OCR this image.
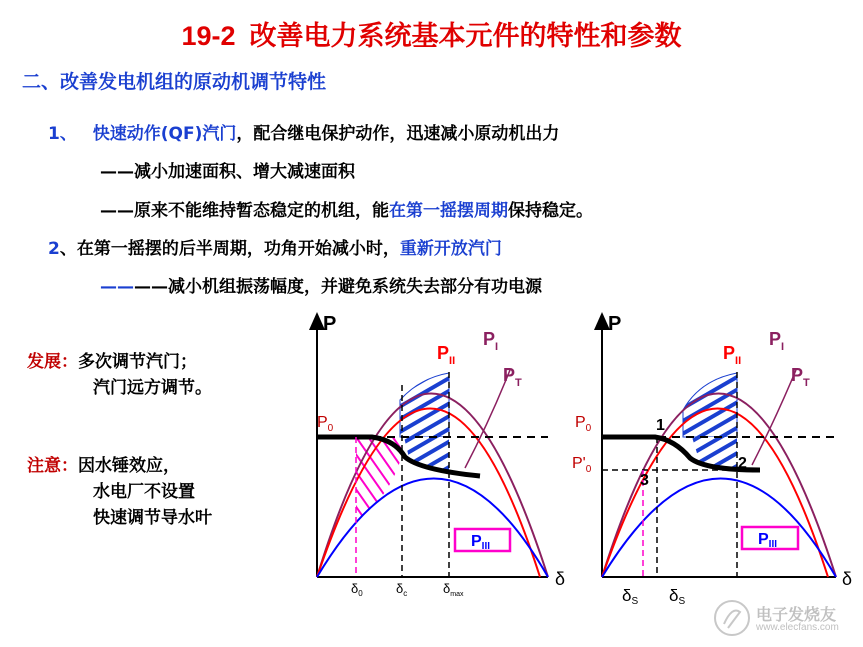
19-2 改善电力系统基本元件的特性和参数
二、改善发电机组的原动机调节特性
1、 快速动作(QF)汽门，配合继电保护动作，迅速减小原动机出力
——减小加速面积、增大减速面积
——原来不能维持暂态稳定的机组，能在第一摇摆周期保持稳定。
2、在第一摇摆的后半周期，功角开始减小时，重新开放汽门
————减小机组振荡幅度，并避免系统失去部分有功电源
发展：多次调节汽门；
汽门远方调节。
注意：因水锤效应，
水电厂不设置
快速调节导水叶
P
δ
$P_0$
$P_I$
$P_{II}$
$P_T$
PIII
$\delta_0$	$\delta_c$	$\delta_{max}$
P
δ
$P_0$
$P'_0$
1
2
3
$P_I$
$P_{II}$
$P_T$
PIII
δS δS
电子发烧友
www.elecfans.com
